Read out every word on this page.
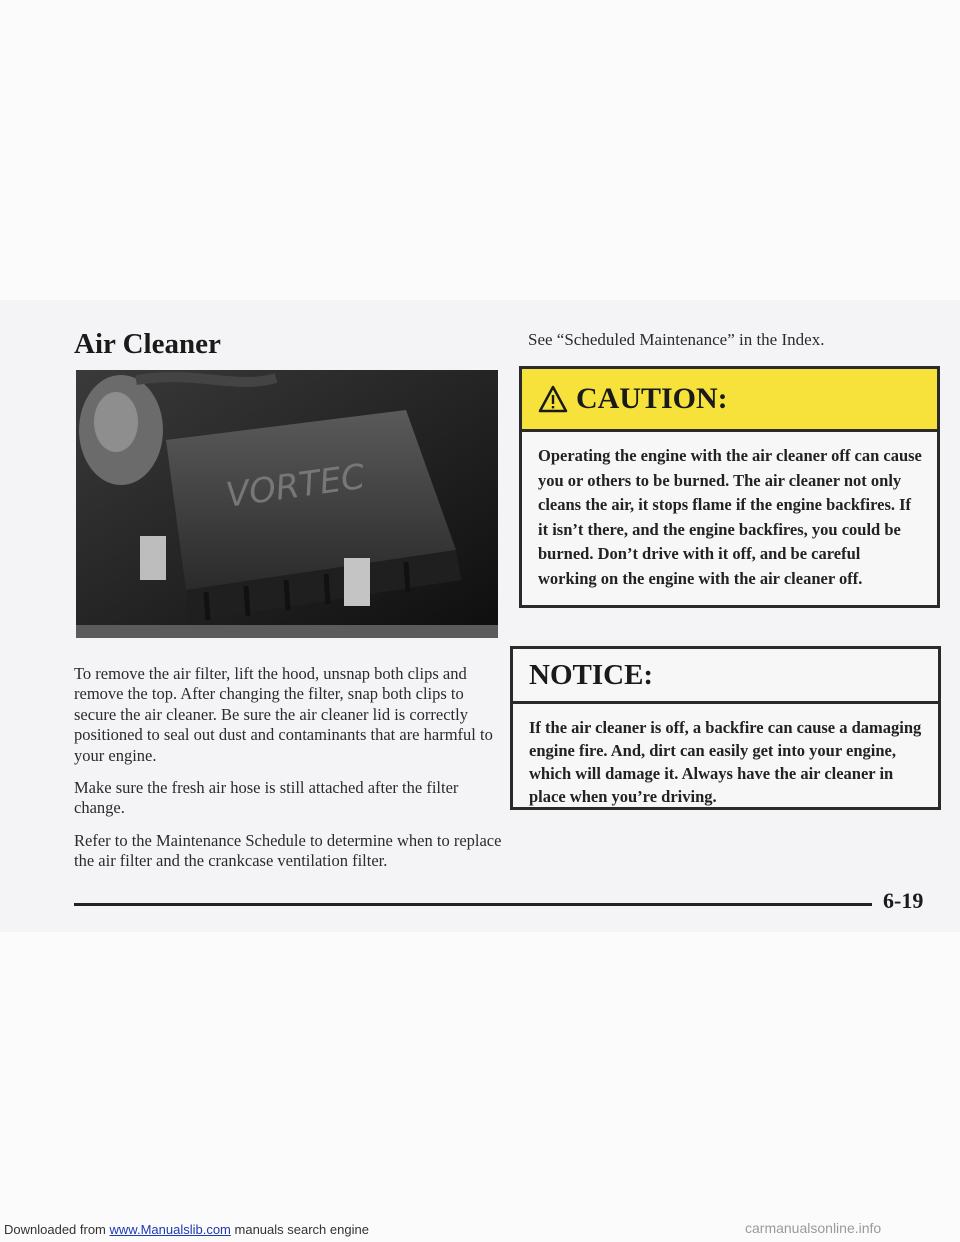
Air Cleaner
VORTEC

To remove the air filter, lift the hood, unsnap both clips and remove the top. After changing the filter, snap both clips to secure the air cleaner. Be sure the air cleaner lid is correctly positioned to seal out dust and contaminants that are harmful to your engine.

Make sure the fresh air hose is still attached after the filter change.

Refer to the Maintenance Schedule to determine when to replace the air filter and the crankcase ventilation filter.

See “Scheduled Maintenance” in the Index.

CAUTION:

Operating the engine with the air cleaner off can cause you or others to be burned. The air cleaner not only cleans the air, it stops flame if the engine backfires. If it isn’t there, and the engine backfires, you could be burned. Don’t drive with it off, and be careful working on the engine with the air cleaner off.

NOTICE:

If the air cleaner is off, a backfire can cause a damaging engine fire. And, dirt can easily get into your engine, which will damage it. Always have the air cleaner in place when you’re driving.

6-19

Downloaded from www.Manualslib.com manuals search engine	carmanualsonline.info
